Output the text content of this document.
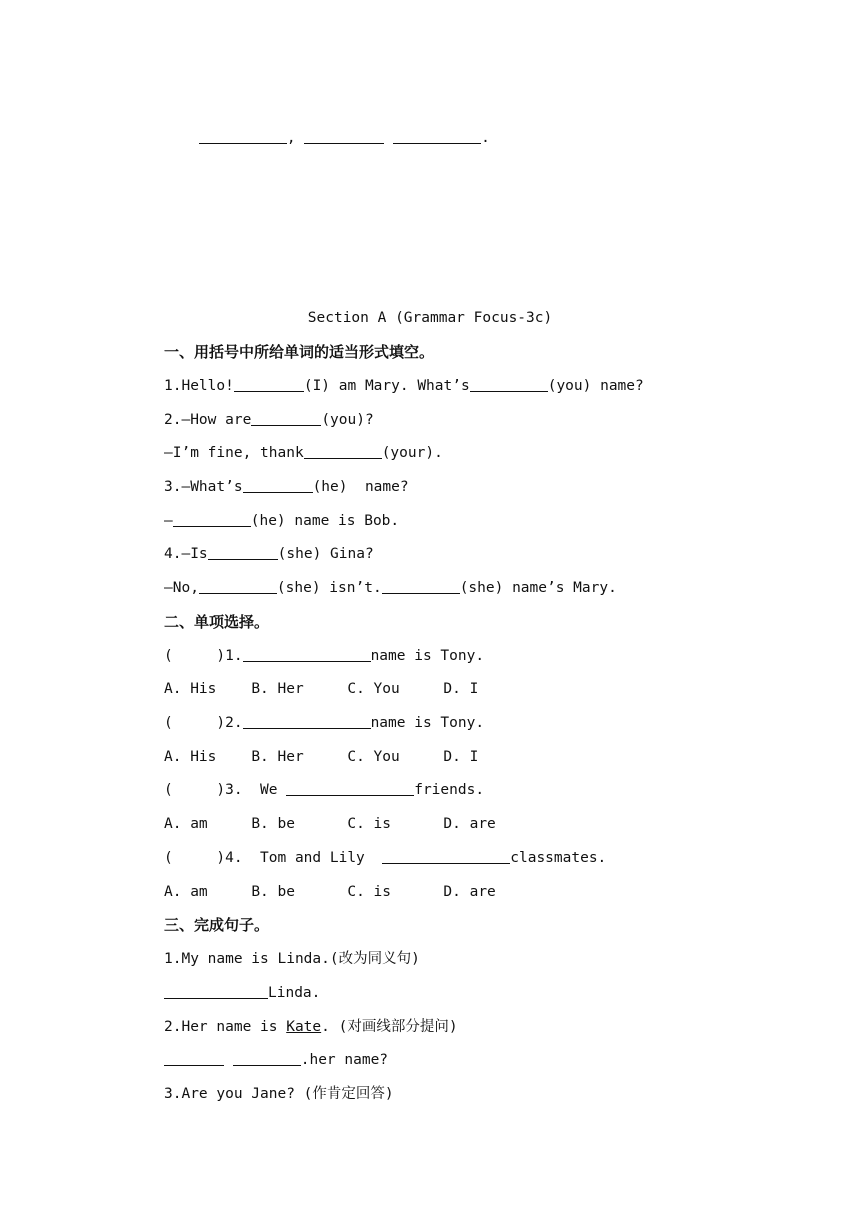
,	.

Section A (Grammar Focus-3c)
一、用括号中所给单词的适当形式填空。
1.Hello!	(I) am Mary. What’s	(you) name?
2.—How are	(you)?
—I’m fine, thank	(your).
3.—What’s	(he)  name?
—	(he) name is Bob.
4.—Is	(she) Gina?
—No,	(she) isn’t.	(she) name’s Mary.
二、单项选择。
(     )1.	name is Tony.
A. His B. Her	C. You	D. I
(     )2.	name is Tony.
A. His B. Her	C. You	D. I
(     )3.  We	friends.
A. am	B. be	C. is	D. are
(     )4.  Tom and Lily	classmates.
A. am	B. be	C. is	D. are
三、完成句子。
1.My name is Linda.(改为同义句)
Linda.
2.Her name is Kate. (对画线部分提问)
.her name?
3.Are you Jane? (作肯定回答)
